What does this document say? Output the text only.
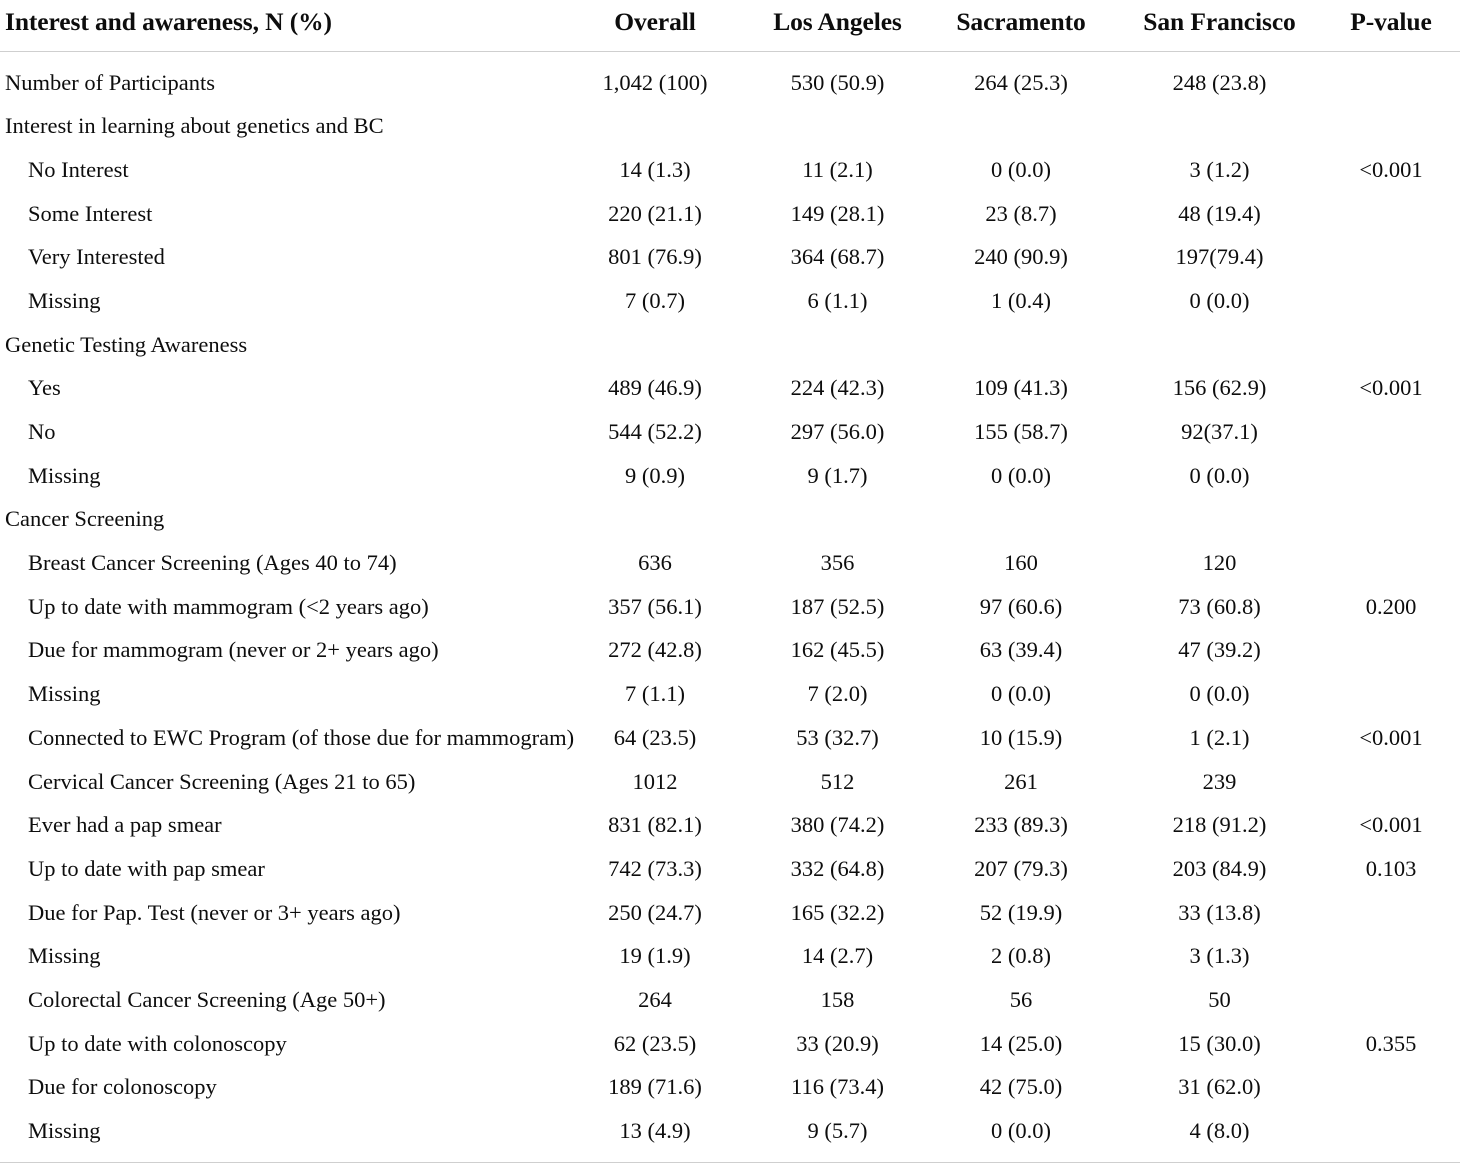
Interest and awareness, N (%)	Overall	Los Angeles	Sacramento	San Francisco	P-value
Number of Participants	1,042 (100)	530 (50.9)	264 (25.3)	248 (23.8)	
Interest in learning about genetics and BC					
No Interest	14 (1.3)	11 (2.1)	0 (0.0)	3 (1.2)	<0.001
Some Interest	220 (21.1)	149 (28.1)	23 (8.7)	48 (19.4)	
Very Interested	801 (76.9)	364 (68.7)	240 (90.9)	197(79.4)	
Missing	7 (0.7)	6 (1.1)	1 (0.4)	0 (0.0)	
Genetic Testing Awareness					
Yes	489 (46.9)	224 (42.3)	109 (41.3)	156 (62.9)	<0.001
No	544 (52.2)	297 (56.0)	155 (58.7)	92(37.1)	
Missing	9 (0.9)	9 (1.7)	0 (0.0)	0 (0.0)	
Cancer Screening					
Breast Cancer Screening (Ages 40 to 74)	636	356	160	120	
Up to date with mammogram (<2 years ago)	357 (56.1)	187 (52.5)	97 (60.6)	73 (60.8)	0.200
Due for mammogram (never or 2+ years ago)	272 (42.8)	162 (45.5)	63 (39.4)	47 (39.2)	
Missing	7 (1.1)	7 (2.0)	0 (0.0)	0 (0.0)	
Connected to EWC Program (of those due for mammogram)	64 (23.5)	53 (32.7)	10 (15.9)	1 (2.1)	<0.001
Cervical Cancer Screening (Ages 21 to 65)	1012	512	261	239	
Ever had a pap smear	831 (82.1)	380 (74.2)	233 (89.3)	218 (91.2)	<0.001
Up to date with pap smear	742 (73.3)	332 (64.8)	207 (79.3)	203 (84.9)	0.103
Due for Pap. Test (never or 3+ years ago)	250 (24.7)	165 (32.2)	52 (19.9)	33 (13.8)	
Missing	19 (1.9)	14 (2.7)	2 (0.8)	3 (1.3)	
Colorectal Cancer Screening (Age 50+)	264	158	56	50	
Up to date with colonoscopy	62 (23.5)	33 (20.9)	14 (25.0)	15 (30.0)	0.355
Due for colonoscopy	189 (71.6)	116 (73.4)	42 (75.0)	31 (62.0)	
Missing	13 (4.9)	9 (5.7)	0 (0.0)	4 (8.0)	
